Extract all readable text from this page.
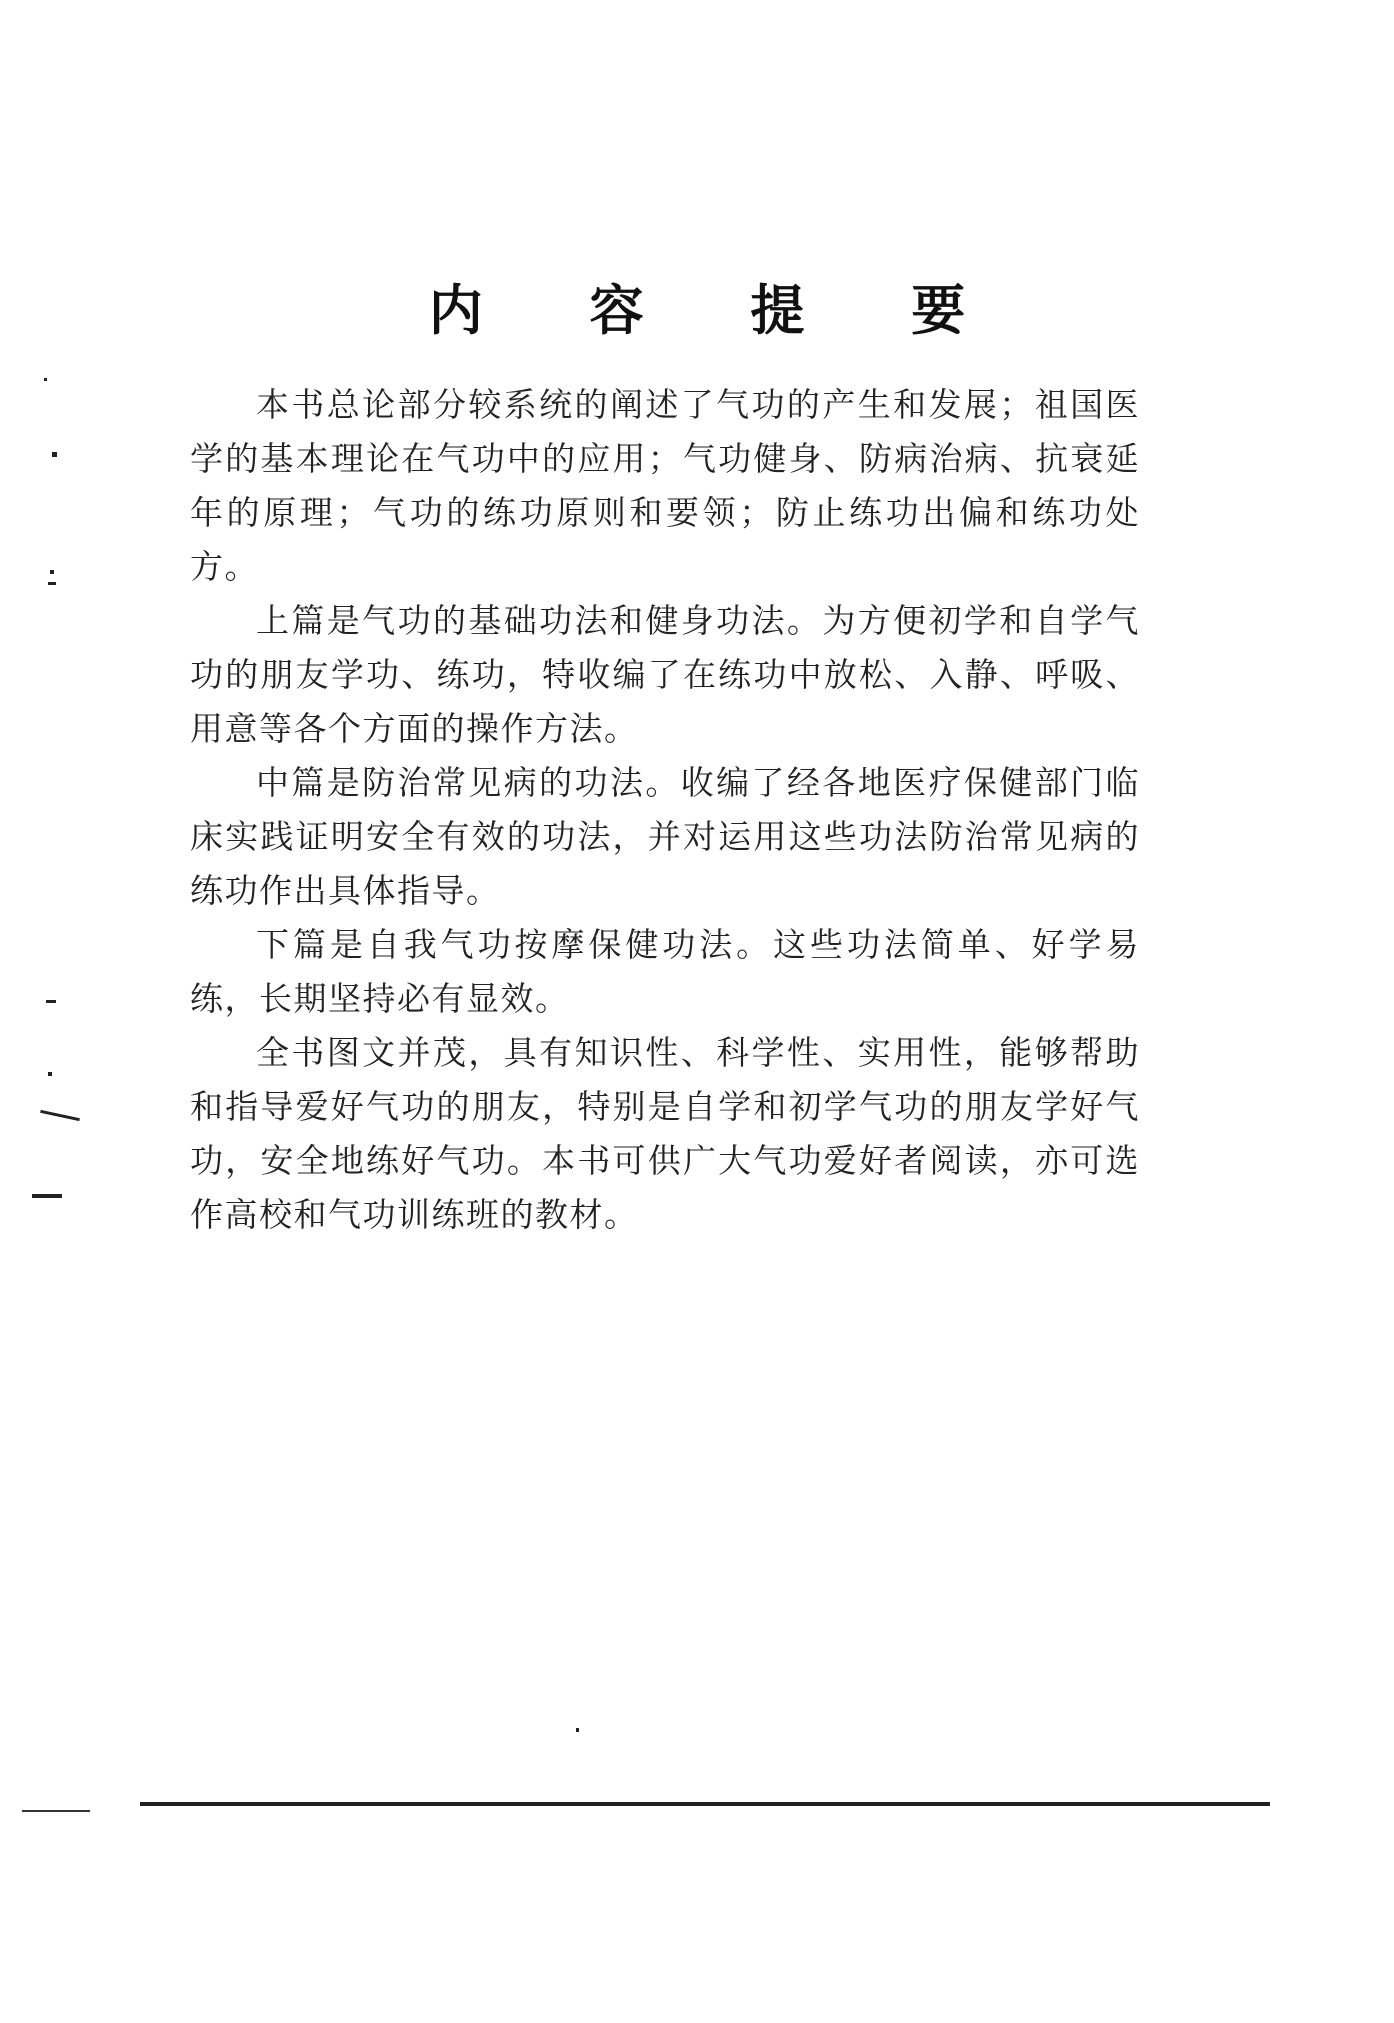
内 容 提 要

本书总论部分较系统的阐述了气功的产生和发展；祖国医学的基本理论在气功中的应用；气功健身、防病治病、抗衰延年的原理；气功的练功原则和要领；防止练功出偏和练功处方。

上篇是气功的基础功法和健身功法。为方便初学和自学气功的朋友学功、练功，特收编了在练功中放松、入静、呼吸、用意等各个方面的操作方法。

中篇是防治常见病的功法。收编了经各地医疗保健部门临床实践证明安全有效的功法，并对运用这些功法防治常见病的练功作出具体指导。

下篇是自我气功按摩保健功法。这些功法简单、好学易练，长期坚持必有显效。

全书图文并茂，具有知识性、科学性、实用性，能够帮助和指导爱好气功的朋友，特别是自学和初学气功的朋友学好气功，安全地练好气功。本书可供广大气功爱好者阅读，亦可选作高校和气功训练班的教材。
